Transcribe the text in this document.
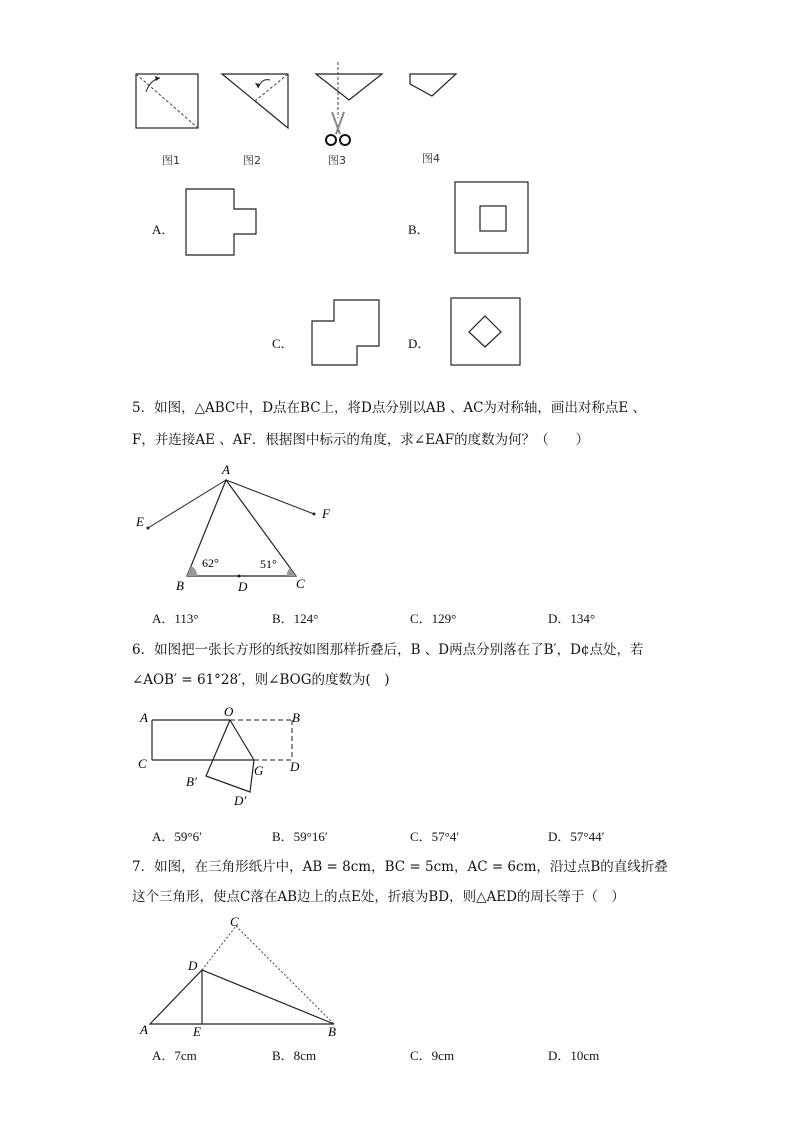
图1	图2	图3	图4
A．	B．
C．	D．
5．如图，△ABC中，D点在BC上，将D点分别以AB 、AC为对称轴，画出对称点E 、
F，并连接AE 、AF．根据图中标示的角度，求∠EAF的度数为何？（　　）
A
E
F
B	D	C
62°	51°
A．113°	B．124°	C．129°	D．134°
6．如图把一张长方形的纸按如图那样折叠后，B 、D两点分别落在了B′，D¢点处，若
∠AOB′ = 61°28′，则∠BOG的度数为(　)
A	O	B
C	G D
B′
D′
A．59°6′	B．59°16′	C．57°4′	D．57°44′
7．如图，在三角形纸片中，AB = 8cm，BC = 5cm，AC = 6cm，沿过点B的直线折叠
这个三角形，使点C落在AB边上的点E处，折痕为BD，则△AED的周长等于（　）
C
D
A	E	B
A．7cm	B．8cm	C．9cm	D．10cm
